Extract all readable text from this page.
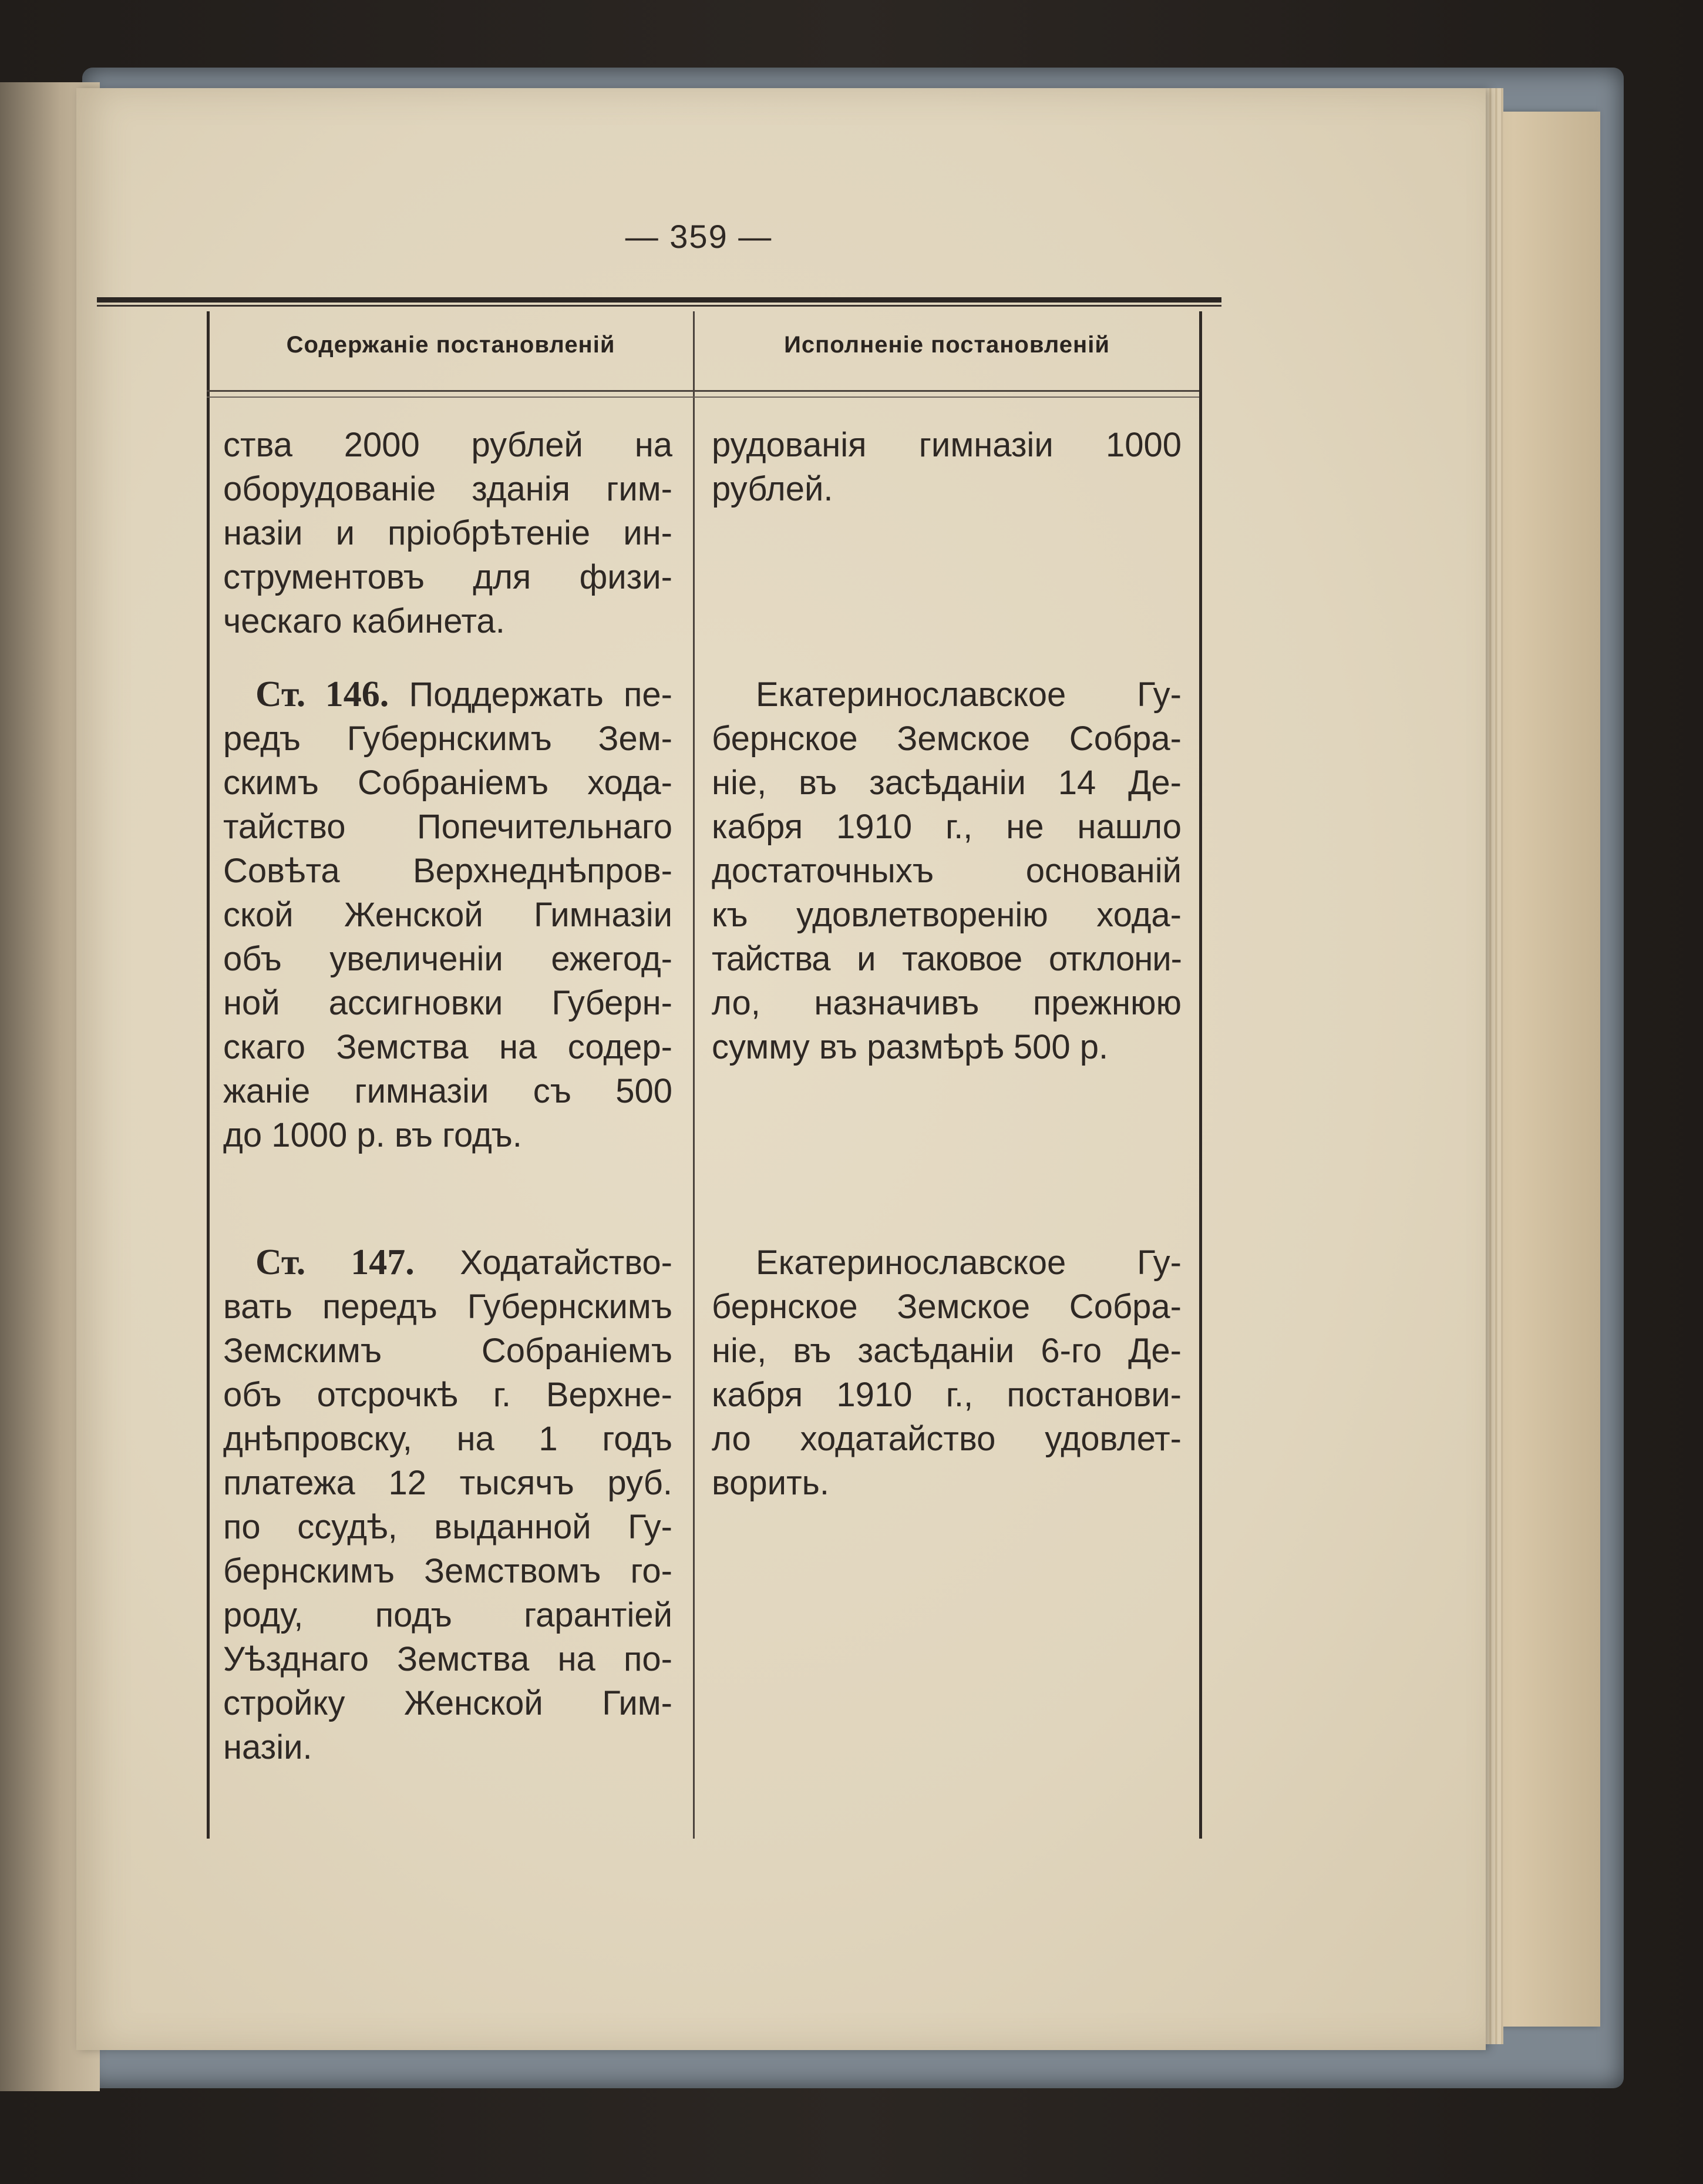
— 359 —
Содержаніе постановленій	Исполненіе постановленій
ства 2000 рублей на
оборудованіе зданія гим-
назіи и пріобрѣтеніе ин-
струментовъ для физи-
ческаго кабинета.
рудованія гимназіи 1000
рублей.
Ст. 146. Поддержать пе-
редъ Губернскимъ Зем-
скимъ Собраніемъ хода-
тайство Попечительнаго
Совѣта Верхнеднѣпров-
ской Женской Гимназіи
объ увеличеніи ежегод-
ной ассигновки Губерн-
скаго Земства на содер-
жаніе гимназіи съ 500
до 1000 р. въ годъ.
Екатеринославское Гу-
бернское Земское Собра-
ніе, въ засѣданіи 14 Де-
кабря 1910 г., не нашло
достаточныхъ основаній
къ удовлетворенію хода-
тайства и таковое отклони-
ло, назначивъ прежнюю
сумму въ размѣрѣ 500 р.
Ст. 147. Ходатайство-
вать передъ Губернскимъ
Земскимъ Собраніемъ
объ отсрочкѣ г. Верхне-
днѣпровску, на 1 годъ
платежа 12 тысячъ руб.
по ссудѣ, выданной Гу-
бернскимъ Земствомъ го-
роду, подъ гарантіей
Уѣзднаго Земства на по-
стройку Женской Гим-
назіи.
Екатеринославское Гу-
бернское Земское Собра-
ніе, въ засѣданіи 6-го Де-
кабря 1910 г., постанови-
ло ходатайство удовлет-
ворить.
